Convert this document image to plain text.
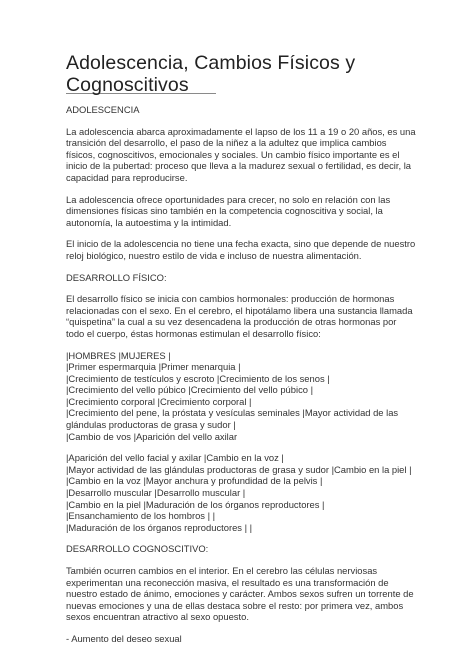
Adolescencia, Cambios Físicos y
Cognoscitivos

ADOLESCENCIA

La adolescencia abarca aproximadamente el lapso de los 11 a 19 o 20 años, es una transición del desarrollo, el paso de la niñez a la adultez que implica cambios físicos, cognoscitivos, emocionales y sociales. Un cambio físico importante es el inicio de la pubertad: proceso que lleva a la madurez sexual o fertilidad, es decir, la capacidad para reproducirse.

La adolescencia ofrece oportunidades para crecer, no solo en relación con las dimensiones físicas sino también en la competencia cognoscitiva y social, la autonomía, la autoestima y la intimidad.

El inicio de la adolescencia no tiene una fecha exacta, sino que depende de nuestro reloj biológico, nuestro estilo de vida e incluso de nuestra alimentación.

DESARROLLO FÍSICO:

El desarrollo físico se inicia con cambios hormonales: producción de hormonas relacionadas con el sexo. En el cerebro, el hipotálamo libera una sustancia llamada “quispetina” la cual a su vez desencadena la producción de otras hormonas por todo el cuerpo, éstas hormonas estimulan el desarrollo físico:

|HOMBRES |MUJERES |

|Primer espermarquia |Primer menarquia |

|Crecimiento de testículos y escroto |Crecimiento de los senos |

|Crecimiento del vello púbico |Crecimiento del vello púbico |

|Crecimiento corporal |Crecimiento corporal |

|Crecimiento del pene, la próstata y vesículas seminales |Mayor actividad de las glándulas productoras de grasa y sudor |

|Cambio de vos |Aparición del vello axilar

|Aparición del vello facial y axilar |Cambio en la voz |

|Mayor actividad de las glándulas productoras de grasa y sudor |Cambio en la piel |

|Cambio en la voz |Mayor anchura y profundidad de la pelvis |

|Desarrollo muscular |Desarrollo muscular |

|Cambio en la piel |Maduración de los órganos reproductores |

|Ensanchamiento de los hombros | |

|Maduración de los órganos reproductores | |

DESARROLLO COGNOSCITIVO:

También ocurren cambios en el interior. En el cerebro las células nerviosas experimentan una reconección masiva, el resultado es una transformación de nuestro estado de ánimo, emociones y carácter. Ambos sexos sufren un torrente de nuevas emociones y una de ellas destaca sobre el resto: por primera vez, ambos sexos encuentran atractivo al sexo opuesto.

- Aumento del deseo sexual
